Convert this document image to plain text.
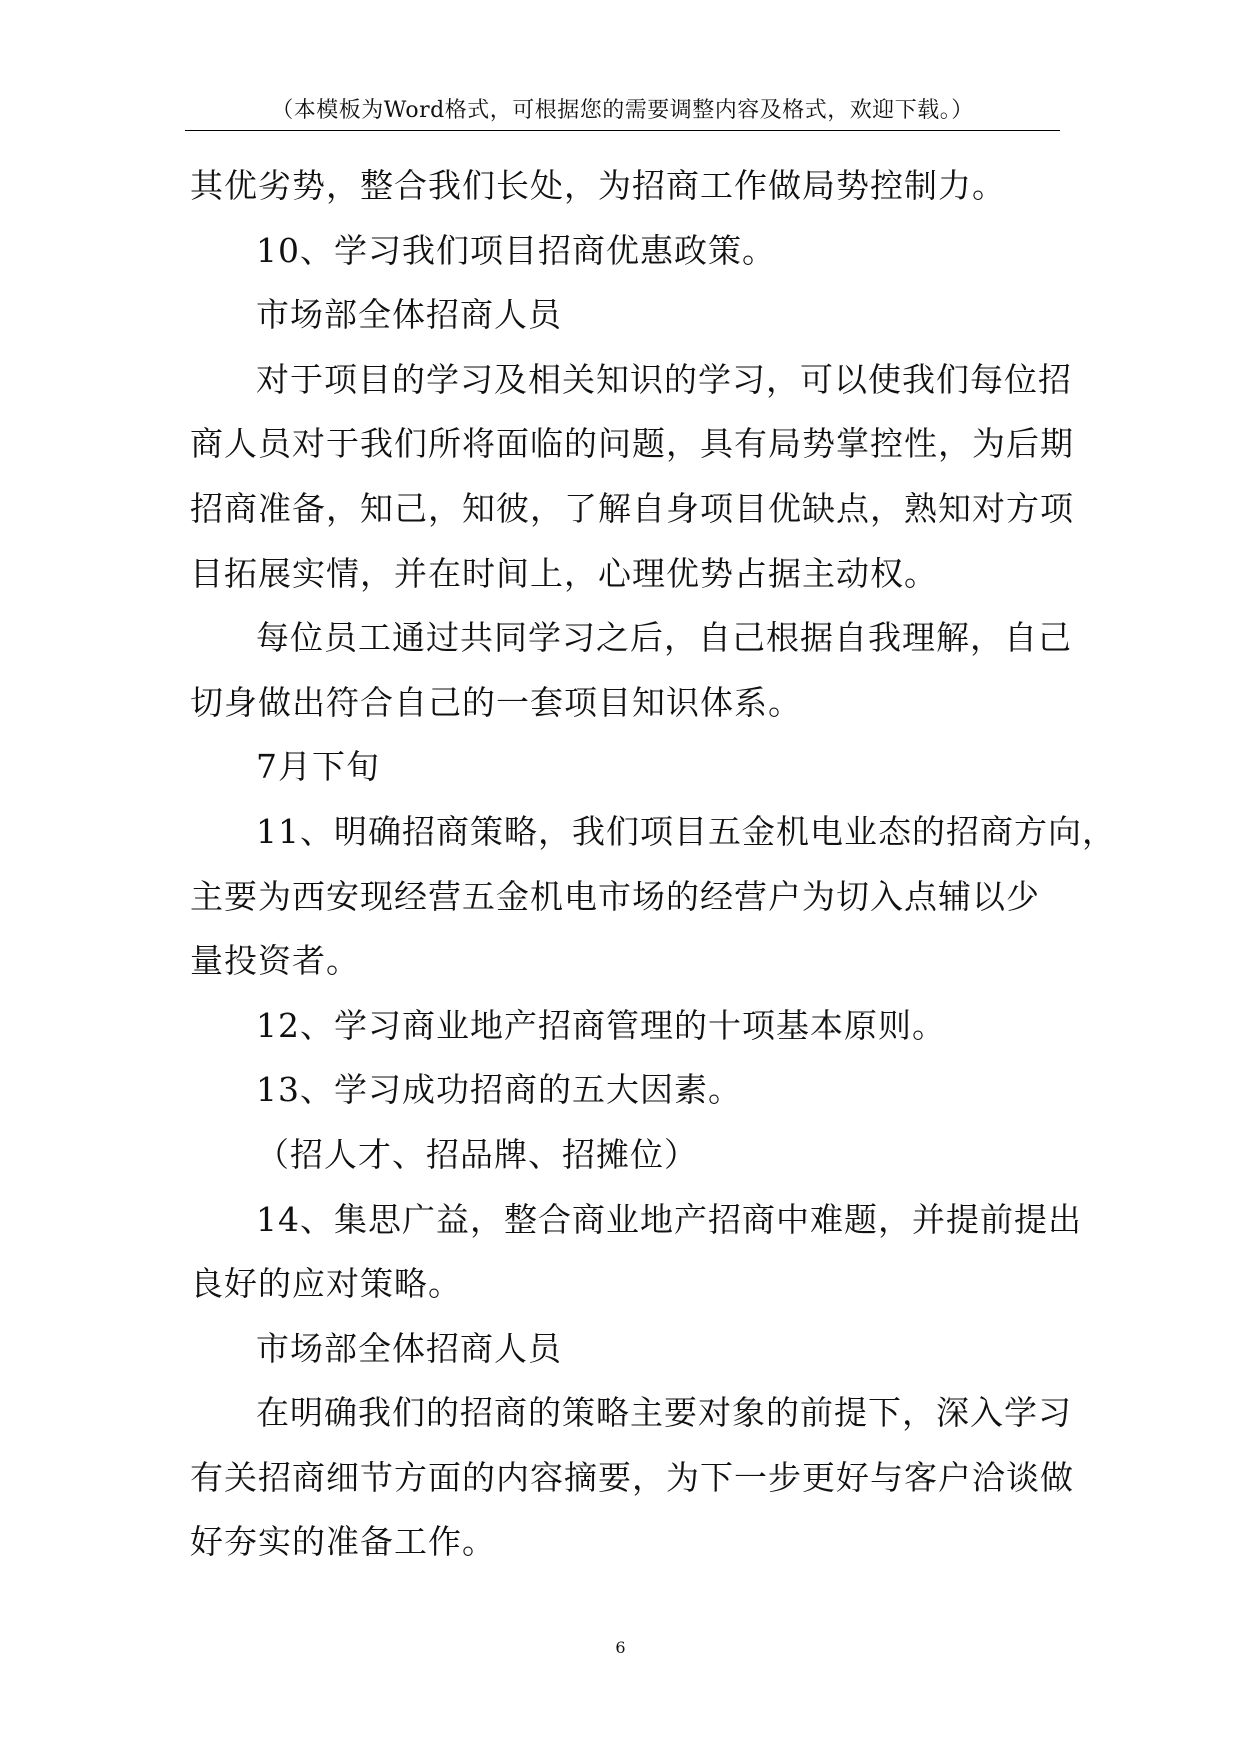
（本模板为Word格式，可根据您的需要调整内容及格式，欢迎下载。）
其优劣势，整合我们长处，为招商工作做局势控制力。
10、学习我们项目招商优惠政策。
市场部全体招商人员
对于项目的学习及相关知识的学习，可以使我们每位招
商人员对于我们所将面临的问题，具有局势掌控性，为后期
招商准备，知己，知彼，了解自身项目优缺点，熟知对方项
目拓展实情，并在时间上，心理优势占据主动权。
每位员工通过共同学习之后，自己根据自我理解，自己
切身做出符合自己的一套项目知识体系。
7月下旬
11、明确招商策略，我们项目五金机电业态的招商方向，
主要为西安现经营五金机电市场的经营户为切入点辅以少
量投资者。
12、学习商业地产招商管理的十项基本原则。
13、学习成功招商的五大因素。
（招人才、招品牌、招摊位）
14、集思广益，整合商业地产招商中难题，并提前提出
良好的应对策略。
市场部全体招商人员
在明确我们的招商的策略主要对象的前提下，深入学习
有关招商细节方面的内容摘要，为下一步更好与客户洽谈做
好夯实的准备工作。
6
